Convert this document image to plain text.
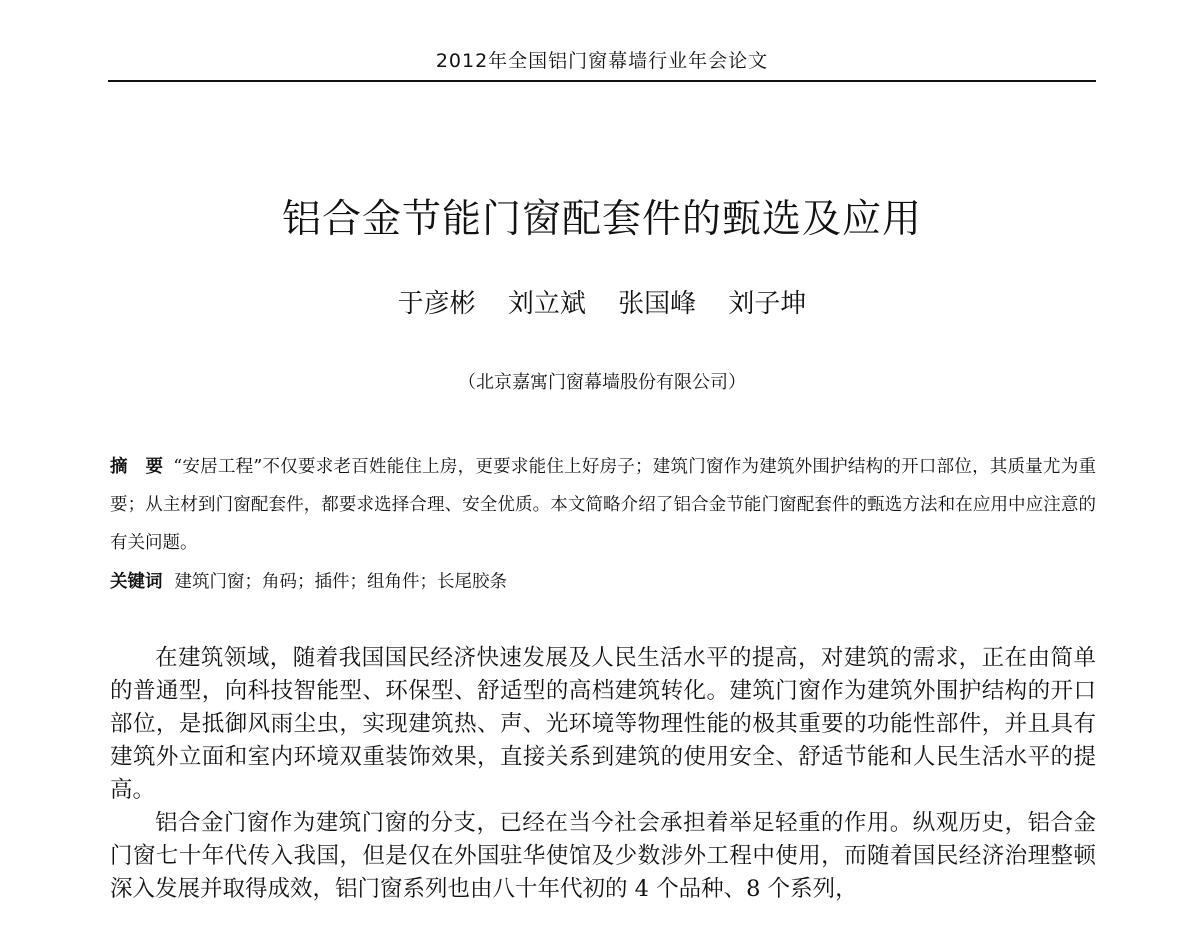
2012年全国铝门窗幕墙行业年会论文
铝合金节能门窗配套件的甄选及应用
于彦彬 刘立斌 张国峰 刘子坤
（北京嘉寓门窗幕墙股份有限公司）
摘　要 “安居工程”不仅要求老百姓能住上房，更要求能住上好房子；建筑门窗作为建筑外围护结构的开口部位，其质量尤为重要；从主材到门窗配套件，都要求选择合理、安全优质。本文简略介绍了铝合金节能门窗配套件的甄选方法和在应用中应注意的有关问题。
关键词 建筑门窗；角码；插件；组角件；长尾胶条

在建筑领域，随着我国国民经济快速发展及人民生活水平的提高，对建筑的需求，正在由简单的普通型，向科技智能型、环保型、舒适型的高档建筑转化。建筑门窗作为建筑外围护结构的开口部位，是抵御风雨尘虫，实现建筑热、声、光环境等物理性能的极其重要的功能性部件，并且具有建筑外立面和室内环境双重装饰效果，直接关系到建筑的使用安全、舒适节能和人民生活水平的提高。

铝合金门窗作为建筑门窗的分支，已经在当今社会承担着举足轻重的作用。纵观历史，铝合金门窗七十年代传入我国，但是仅在外国驻华使馆及少数涉外工程中使用，而随着国民经济治理整顿深入发展并取得成效，铝门窗系列也由八十年代初的 4 个品种、8 个系列，
